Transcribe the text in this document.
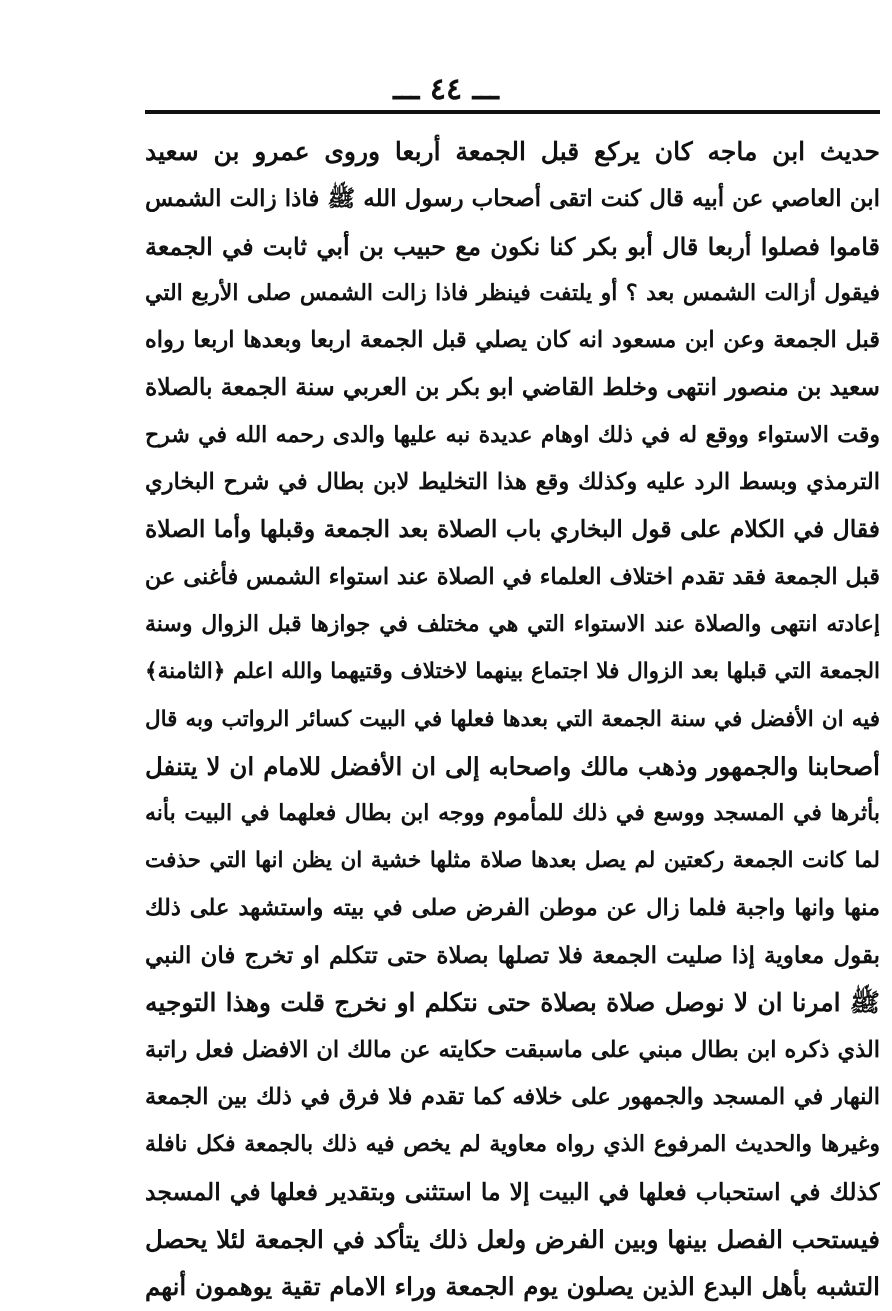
ـــ ٤٤ ـــ
حديث ابن ماجه كان يركع قبل الجمعة أربعا وروى عمرو بن سعيد
ابن العاصي عن أبيه قال كنت اتقى أصحاب رسول الله ﷺ فاذا زالت الشمس
قاموا فصلوا أربعا قال أبو بكر كنا نكون مع حبيب بن أبي ثابت في الجمعة
فيقول أزالت الشمس بعد ؟ أو يلتفت فينظر فاذا زالت الشمس صلى الأربع التي
قبل الجمعة وعن ابن مسعود انه كان يصلي قبل الجمعة اربعا وبعدها اربعا رواه
سعيد بن منصور انتهى وخلط القاضي ابو بكر بن العربي سنة الجمعة بالصلاة
وقت الاستواء ووقع له في ذلك اوهام عديدة نبه عليها والدى رحمه الله في شرح
الترمذي وبسط الرد عليه وكذلك وقع هذا التخليط لابن بطال في شرح البخاري
فقال في الكلام على قول البخاري باب الصلاة بعد الجمعة وقبلها وأما الصلاة
قبل الجمعة فقد تقدم اختلاف العلماء في الصلاة عند استواء الشمس فأغنى عن
إعادته انتهى والصلاة عند الاستواء التي هي مختلف في جوازها قبل الزوال وسنة
الجمعة التي قبلها بعد الزوال فلا اجتماع بينهما لاختلاف وقتيهما والله اعلم ﴿الثامنة﴾
فيه ان الأفضل في سنة الجمعة التي بعدها فعلها في البيت كسائر الرواتب وبه قال
أصحابنا والجمهور وذهب مالك واصحابه إلى ان الأفضل للامام ان لا يتنفل
بأثرها في المسجد ووسع في ذلك للمأموم ووجه ابن بطال فعلهما في البيت بأنه
لما كانت الجمعة ركعتين لم يصل بعدها صلاة مثلها خشية ان يظن انها التي حذفت
منها وانها واجبة فلما زال عن موطن الفرض صلى في بيته واستشهد على ذلك
بقول معاوية إذا صليت الجمعة فلا تصلها بصلاة حتى تتكلم او تخرج فان النبي
ﷺ امرنا ان لا نوصل صلاة بصلاة حتى نتكلم او نخرج قلت وهذا التوجيه
الذي ذكره ابن بطال مبني على ماسبقت حكايته عن مالك ان الافضل فعل راتبة
النهار في المسجد والجمهور على خلافه كما تقدم فلا فرق في ذلك بين الجمعة
وغيرها والحديث المرفوع الذي رواه معاوية لم يخص فيه ذلك بالجمعة فكل نافلة
كذلك في استحباب فعلها في البيت إلا ما استثنى وبتقدير فعلها في المسجد
فيستحب الفصل بينها وبين الفرض ولعل ذلك يتأكد في الجمعة لئلا يحصل
التشبه بأهل البدع الذين يصلون يوم الجمعة وراء الامام تقية يوهمون أنهم
